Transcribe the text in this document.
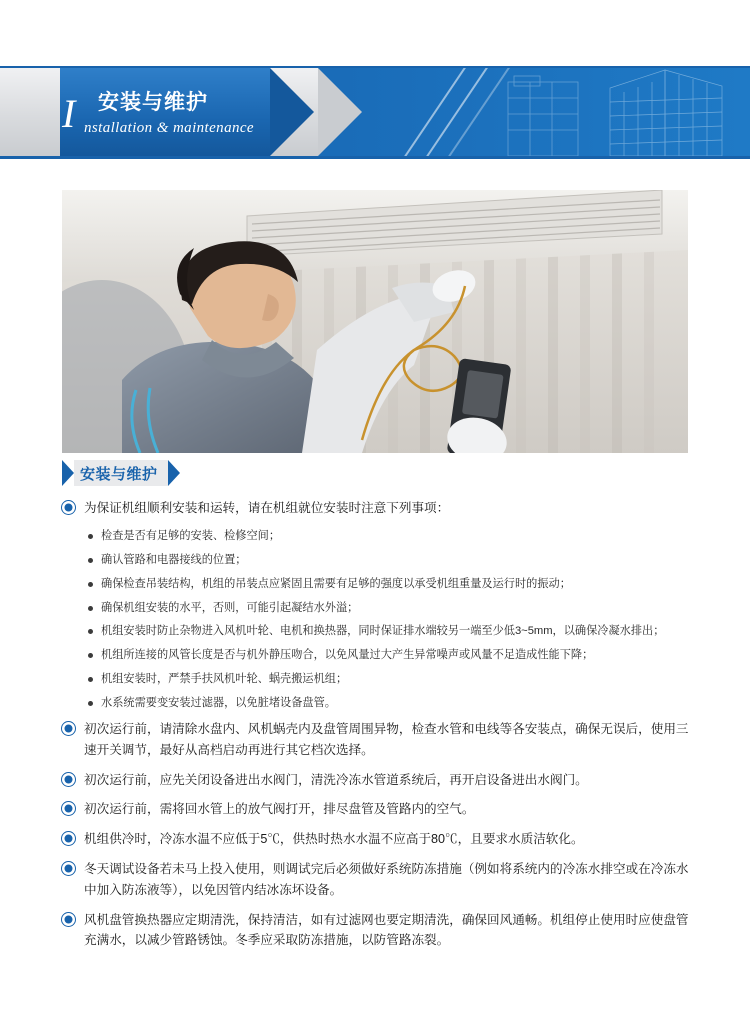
I 安装与维护
nstallation & maintenance
安装与维护
为保证机组顺利安装和运转，请在机组就位安装时注意下列事项：
检查是否有足够的安装、检修空间；
确认管路和电器接线的位置；
确保检查吊装结构，机组的吊装点应紧固且需要有足够的强度以承受机组重量及运行时的振动；
确保机组安装的水平，否则，可能引起凝结水外溢；
机组安装时防止杂物进入风机叶轮、电机和换热器，同时保证排水端较另一端至少低3~5mm，以确保冷凝水排出；
机组所连接的风管长度是否与机外静压吻合，以免风量过大产生异常噪声或风量不足造成性能下降；
机组安装时，严禁手扶风机叶轮、蜗壳搬运机组；
水系统需要变安装过滤器，以免脏堵设备盘管。
初次运行前，请清除水盘内、风机蜗壳内及盘管周围异物，检查水管和电线等各安装点，确保无误后，使用三速开关调节，最好从高档启动再进行其它档次选择。
初次运行前，应先关闭设备进出水阀门，清洗冷冻水管道系统后，再开启设备进出水阀门。
初次运行前，需将回水管上的放气阀打开，排尽盘管及管路内的空气。
机组供冷时，冷冻水温不应低于5℃，供热时热水水温不应高于80℃，且要求水质洁软化。
冬天调试设备若未马上投入使用，则调试完后必须做好系统防冻措施（例如将系统内的冷冻水排空或在冷冻水中加入防冻液等），以免因管内结冰冻坏设备。
风机盘管换热器应定期清洗，保持清洁，如有过滤网也要定期清洗，确保回风通畅。机组停止使用时应使盘管充满水，以减少管路锈蚀。冬季应采取防冻措施，以防管路冻裂。
